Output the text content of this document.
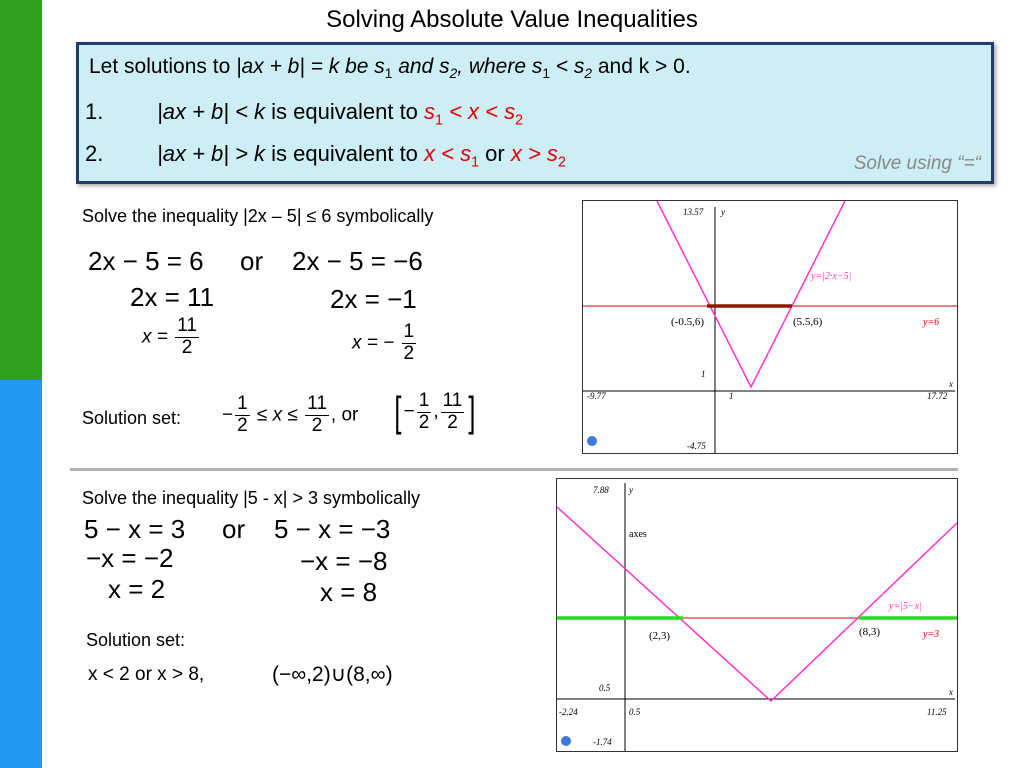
Solving Absolute Value Inequalities
Let solutions to |ax + b| = k be $s_1$ and $s_2$, where $s_1 < s_2$ and k > 0.
1. |ax + b| < k is equivalent to $s_1 < x < s_2$
2. |ax + b| > k is equivalent to $x < s_1$ or $x > s_2$	Solve using “=“
Solve the inequality |2x – 5| ≤ 6 symbolically
2x − 5 = 6 or 2x − 5 = −6
2x = 11	2x = −1
$x = \frac{11}{2}$	x = − $\frac{1}{2}$
Solution set: − $\frac{1}{2} \le x \le \frac{11}{2}$ , or [ − $\frac{1}{2}$ , $\frac{11}{2}$ ]
13.57 y
1
-9.77	1	17.72
x
-4.75
y=|2·x−5|
y=6
(-0.5,6)	(5.5,6)
Solve the inequality |5 - x| > 3 symbolically
5 − x = 3 or 5 − x = −3
−x = −2	−x = −8
x = 2	x = 8
Solution set:
x < 2 or x > 8,	(−∞,2)∪(8,∞)
7.88 y
axes
0.5
-2.24	0.5	11.25
x
-1.74
y=|5−x|
y=3
(2,3)	(8,3)
